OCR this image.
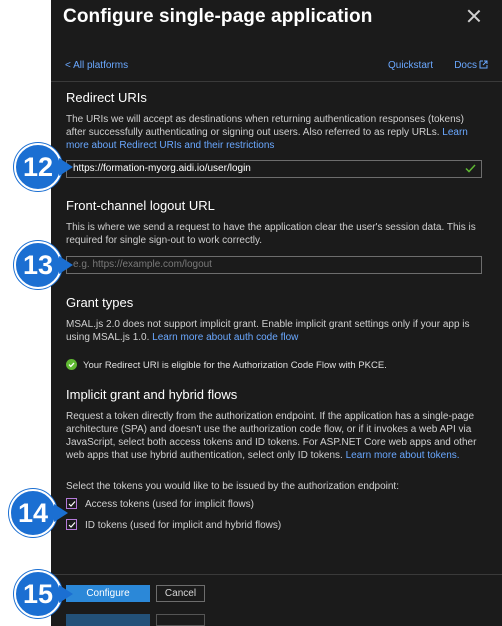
Configure single-page application
< All platforms	Quickstart Docs
Redirect URIs
The URIs we will accept as destinations when returning authentication responses (tokens) after successfully authenticating or signing out users. Also referred to as reply URLs. Learn more about Redirect URIs and their restrictions
https://formation-myorg.aidi.io/user/login
Front-channel logout URL
This is where we send a request to have the application clear the user's session data. This is required for single sign-out to work correctly.
e.g. https://example.com/logout
Grant types
MSAL.js 2.0 does not support implicit grant. Enable implicit grant settings only if your app is using MSAL.js 1.0. Learn more about auth code flow
Your Redirect URI is eligible for the Authorization Code Flow with PKCE.
Implicit grant and hybrid flows
Request a token directly from the authorization endpoint. If the application has a single-page architecture (SPA) and doesn't use the authorization code flow, or if it invokes a web API via JavaScript, select both access tokens and ID tokens. For ASP.NET Core web apps and other web apps that use hybrid authentication, select only ID tokens. Learn more about tokens.
Select the tokens you would like to be issued by the authorization endpoint:
Access tokens (used for implicit flows)
ID tokens (used for implicit and hybrid flows)
Configure	Cancel
12
13
14
15
